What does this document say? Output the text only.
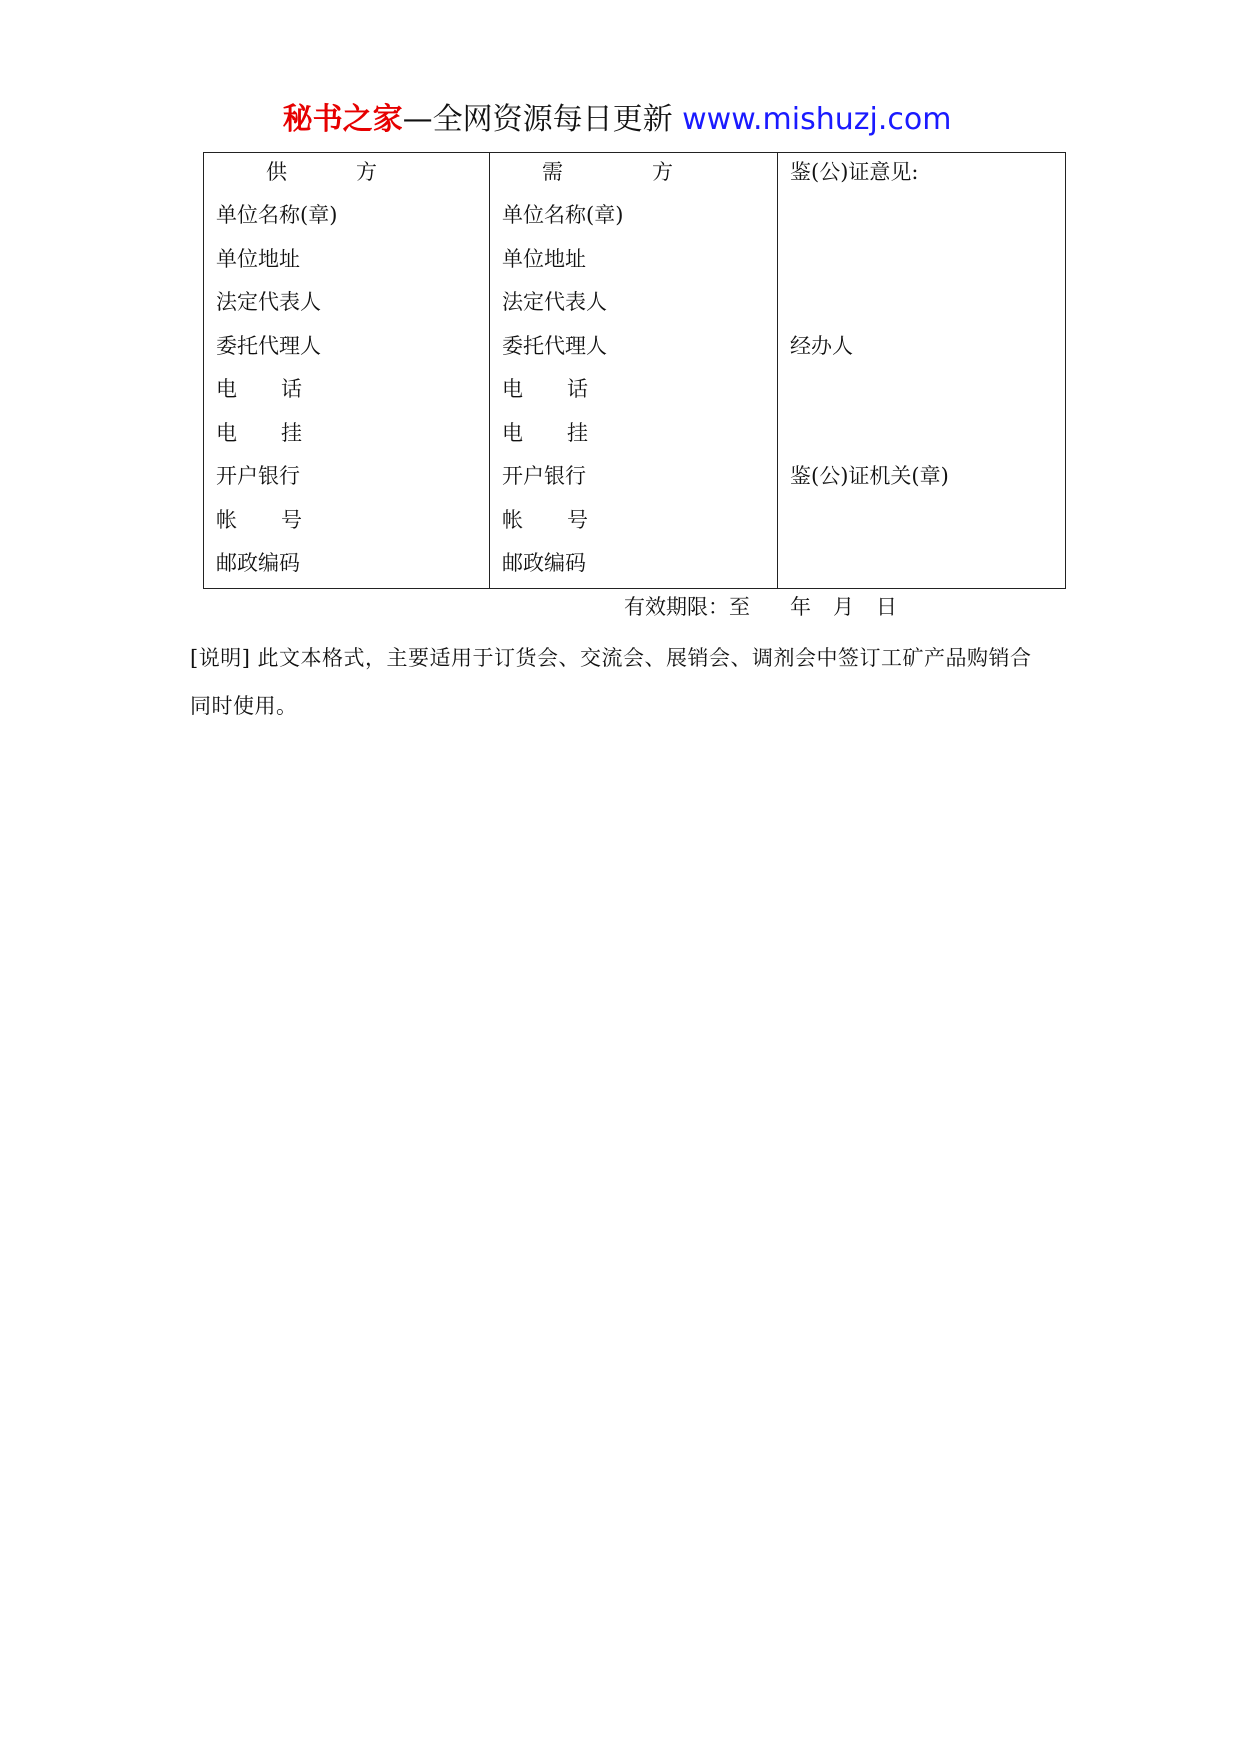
秘书之家—全网资源每日更新 www.mishuzj.com
供	方
单位名称(章)
单位地址
法定代表人
委托代理人
电 话
电 挂
开户银行
帐 号
邮政编码
需	方
单位名称(章)
单位地址
法定代表人
委托代理人
电 话
电 挂
开户银行
帐 号
邮政编码
鉴(公)证意见:
经办人
鉴(公)证机关(章)
有效期限：至 年 月 日
[说明] 此文本格式，主要适用于订货会、交流会、展销会、调剂会中签订工矿产品购销合同时使用。
